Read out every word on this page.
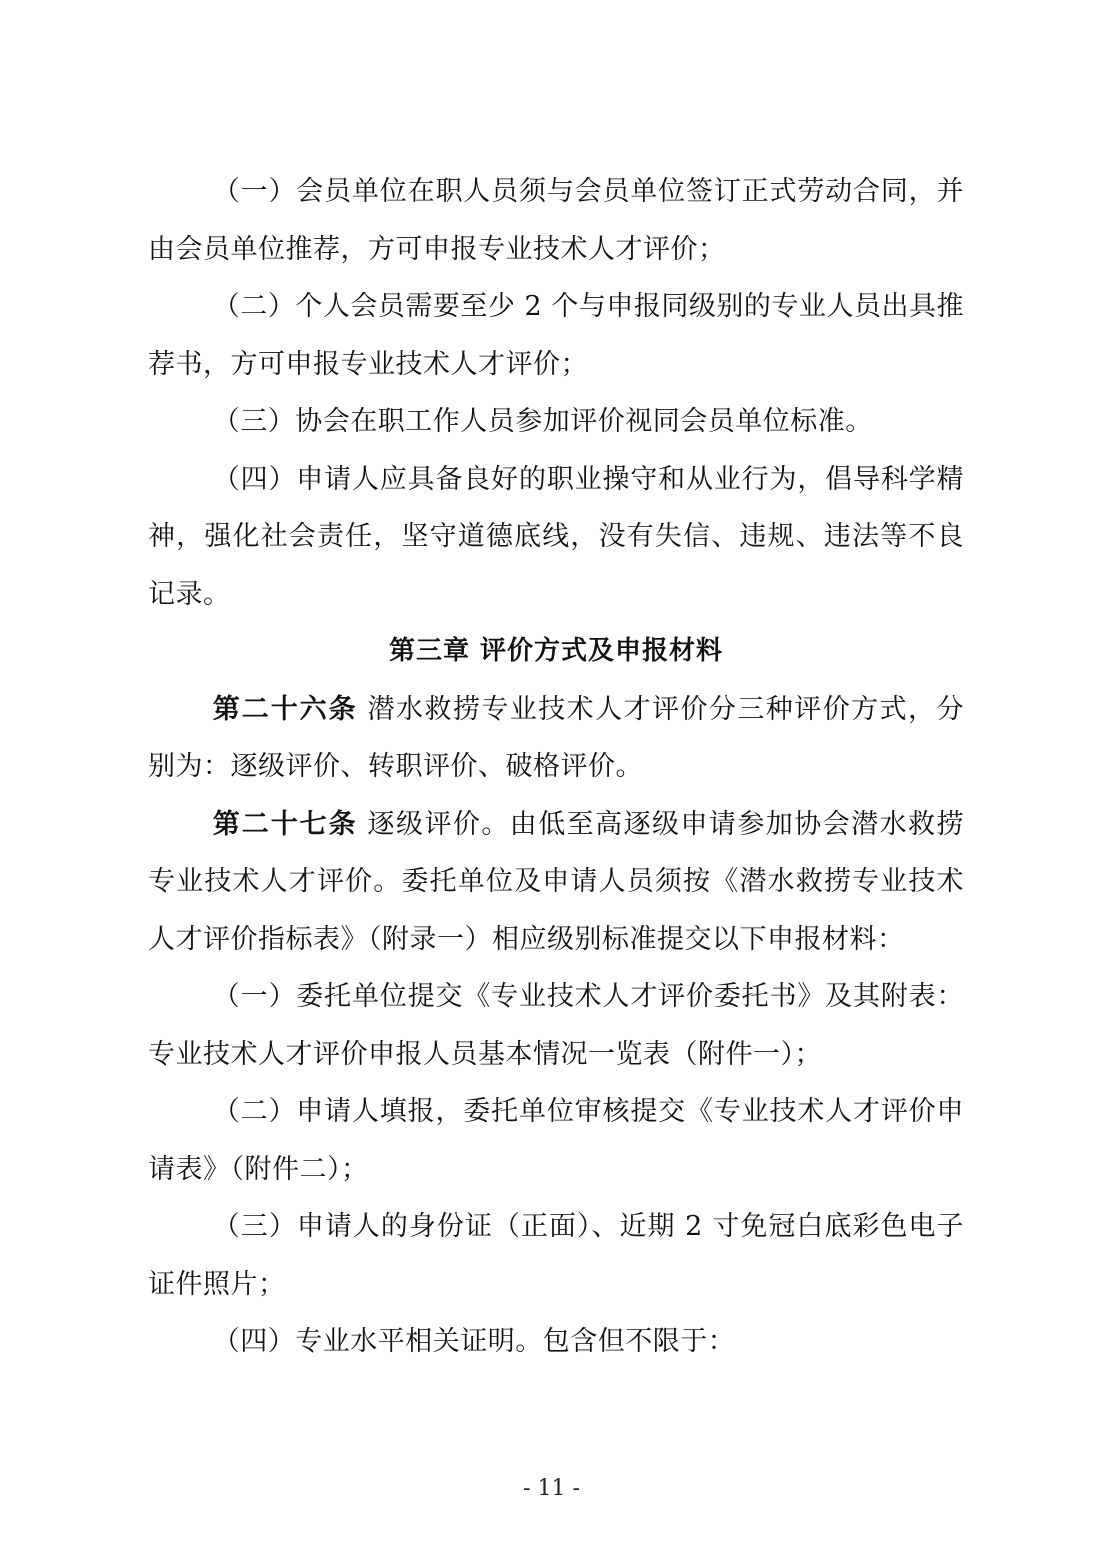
（一）会员单位在职人员须与会员单位签订正式劳动合同，并由会员单位推荐，方可申报专业技术人才评价；

（二）个人会员需要至少 2 个与申报同级别的专业人员出具推荐书，方可申报专业技术人才评价；

（三）协会在职工作人员参加评价视同会员单位标准。

（四）申请人应具备良好的职业操守和从业行为，倡导科学精神，强化社会责任，坚守道德底线，没有失信、违规、违法等不良记录。

第三章 评价方式及申报材料

第二十六条 潜水救捞专业技术人才评价分三种评价方式，分别为：逐级评价、转职评价、破格评价。

第二十七条 逐级评价。由低至高逐级申请参加协会潜水救捞专业技术人才评价。委托单位及申请人员须按《潜水救捞专业技术人才评价指标表》（附录一）相应级别标准提交以下申报材料：

（一）委托单位提交《专业技术人才评价委托书》及其附表：专业技术人才评价申报人员基本情况一览表（附件一）；

（二）申请人填报，委托单位审核提交《专业技术人才评价申请表》（附件二）；

（三）申请人的身份证（正面）、近期 2 寸免冠白底彩色电子证件照片；

（四）专业水平相关证明。包含但不限于：

- 11 -
